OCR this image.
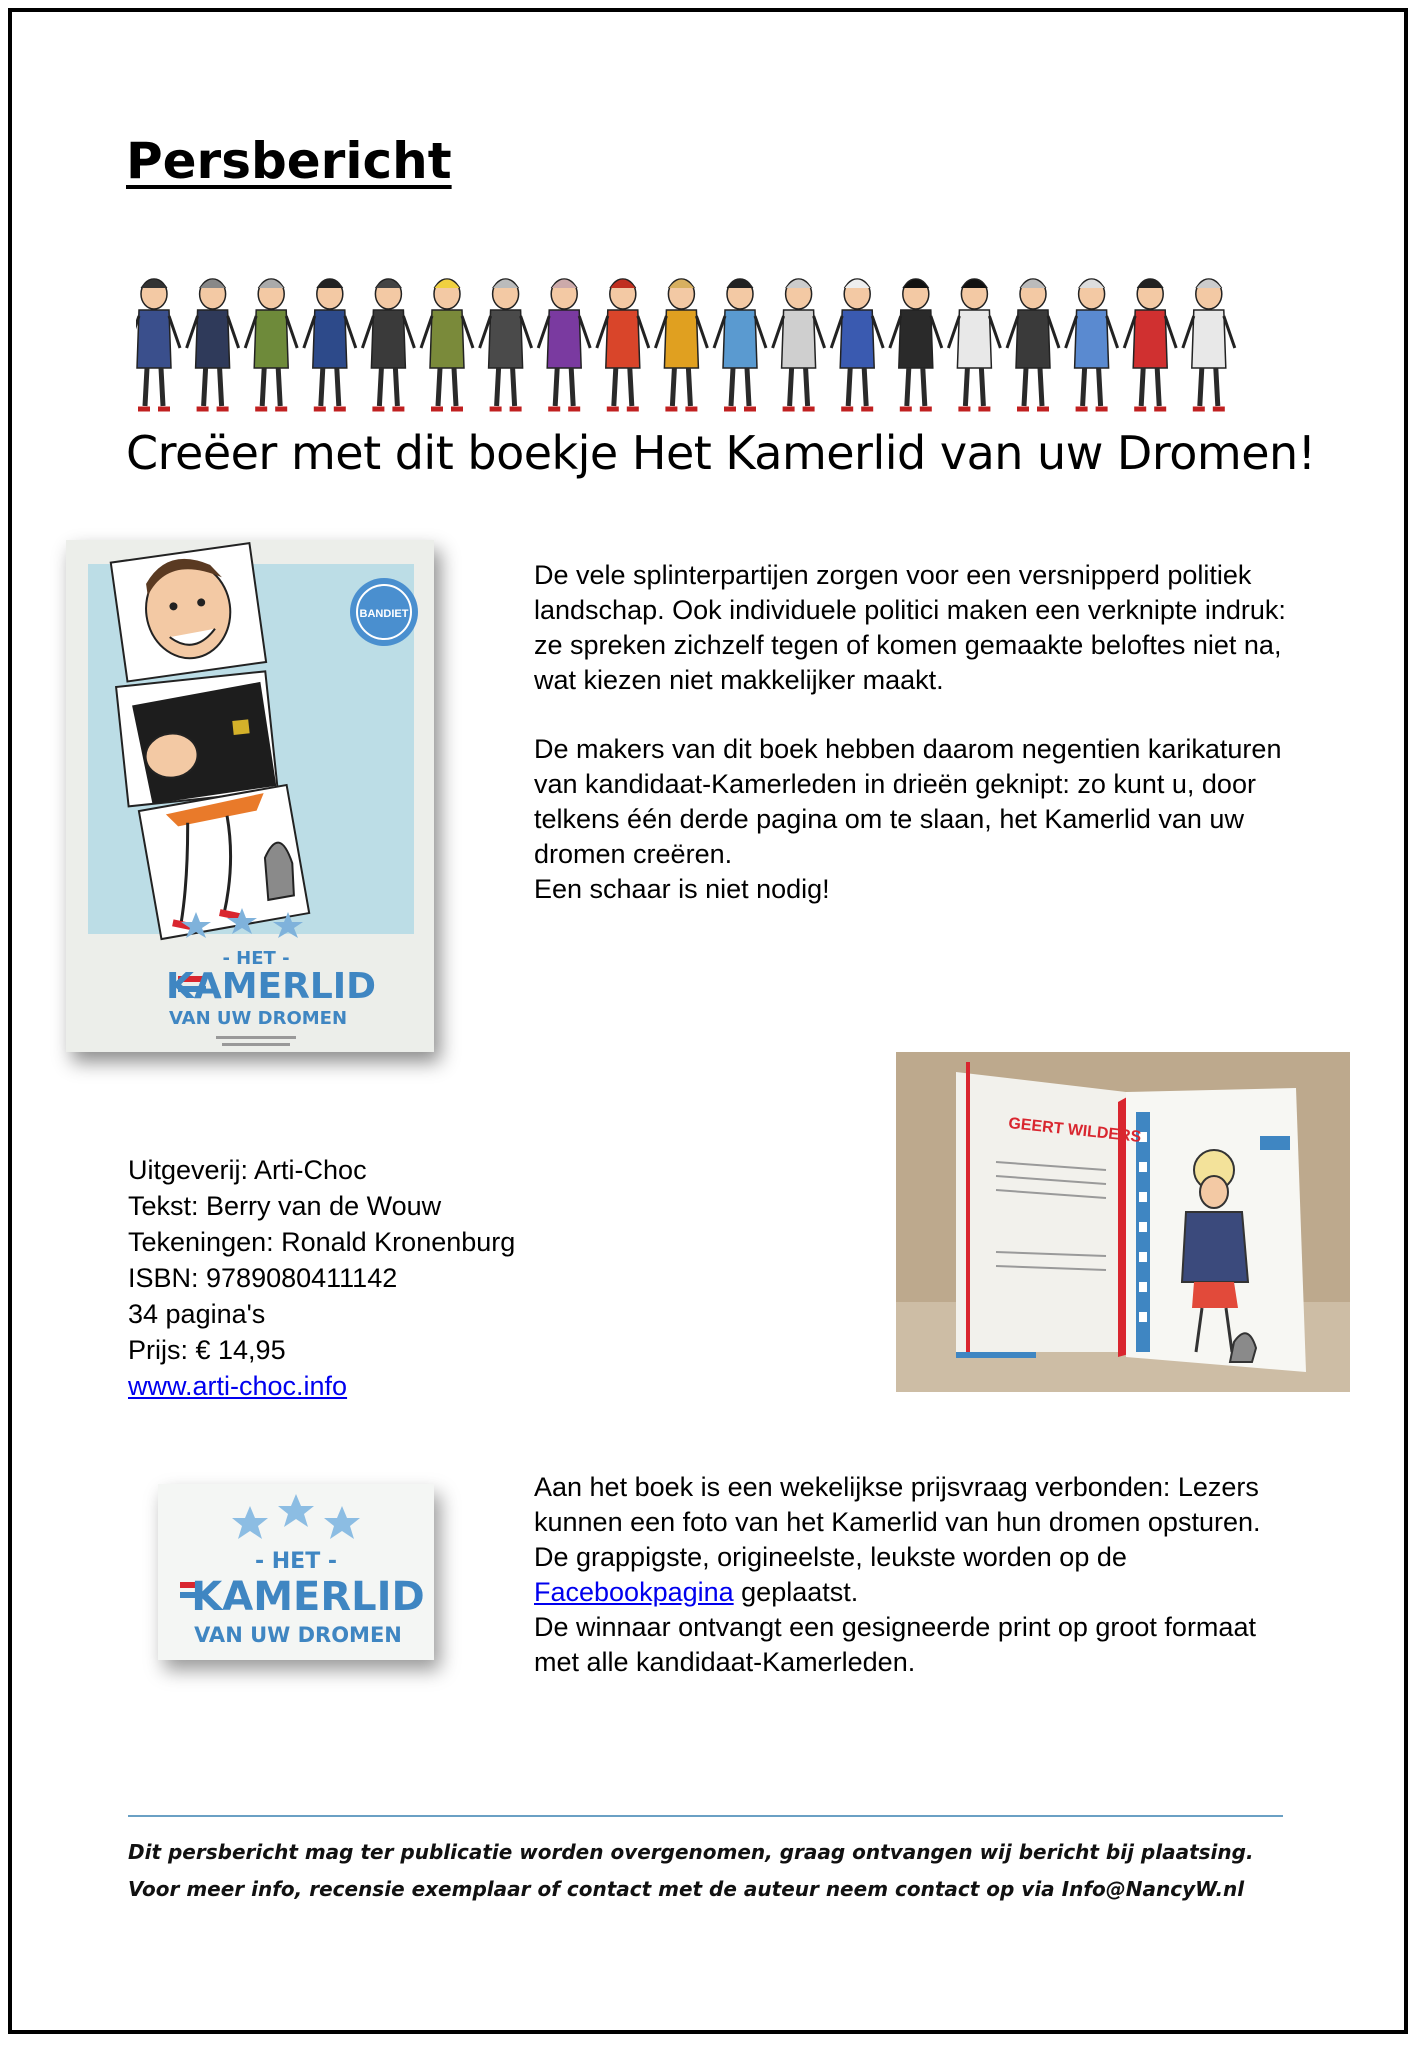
Persbericht
Creëer met dit boekje Het Kamerlid van uw Dromen!
BANDIET
- HET -
KAMERLID
VAN UW DROMEN

De vele splinterpartijen zorgen voor een versnipperd politiek landschap. Ook individuele politici maken een verknipte indruk: ze spreken zichzelf tegen of komen gemaakte beloftes niet na, wat kiezen niet makkelijker maakt.

De makers van dit boek hebben daarom negentien karikaturen van kandidaat-Kamerleden in drieën geknipt: zo kunt u, door telkens één derde pagina om te slaan, het Kamerlid van uw dromen creëren.

Een schaar is niet nodig!

GEERT WILDERS
Uitgeverij: Arti-Choc
Tekst: Berry van de Wouw
Tekeningen: Ronald Kronenburg
ISBN: 9789080411142
34 pagina's
Prijs: € 14,95
www.arti-choc.info
- HET -
KAMERLID
VAN UW DROMEN

Aan het boek is een wekelijkse prijsvraag verbonden: Lezers kunnen een foto van het Kamerlid van hun dromen opsturen. De grappigste, origineelste, leukste worden op de Facebookpagina geplaatst.

De winnaar ontvangt een gesigneerde print op groot formaat met alle kandidaat-Kamerleden.

Dit persbericht mag ter publicatie worden overgenomen, graag ontvangen wij bericht bij plaatsing.

Voor meer info, recensie exemplaar of contact met de auteur neem contact op via Info@NancyW.nl
